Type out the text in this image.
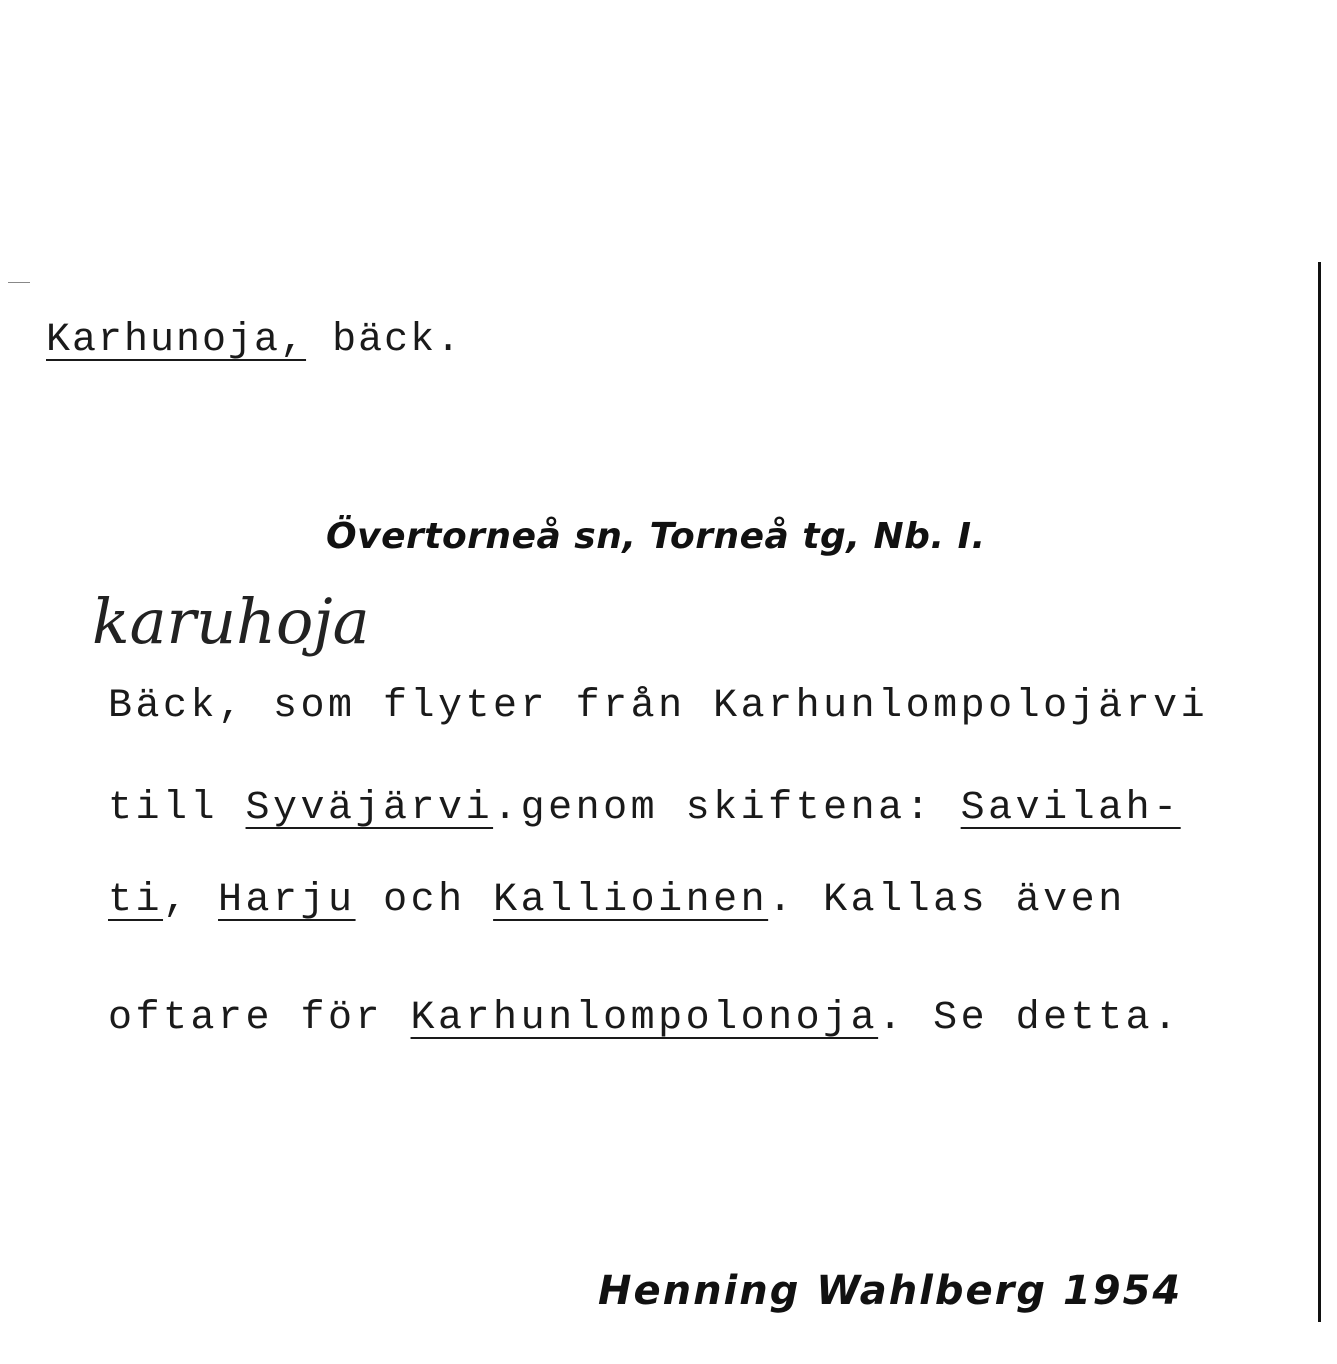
Karhunoja, bäck.
Övertorneå sn, Torneå tg, Nb. I.
karuhoja
Bäck, som flyter från Karhunlompolojärvi
till Syväjärvi.genom skiftena: Savilah-
ti, Harju och Kallioinen. Kallas även
oftare för Karhunlompolonoja. Se detta.
Henning Wahlberg 1954
